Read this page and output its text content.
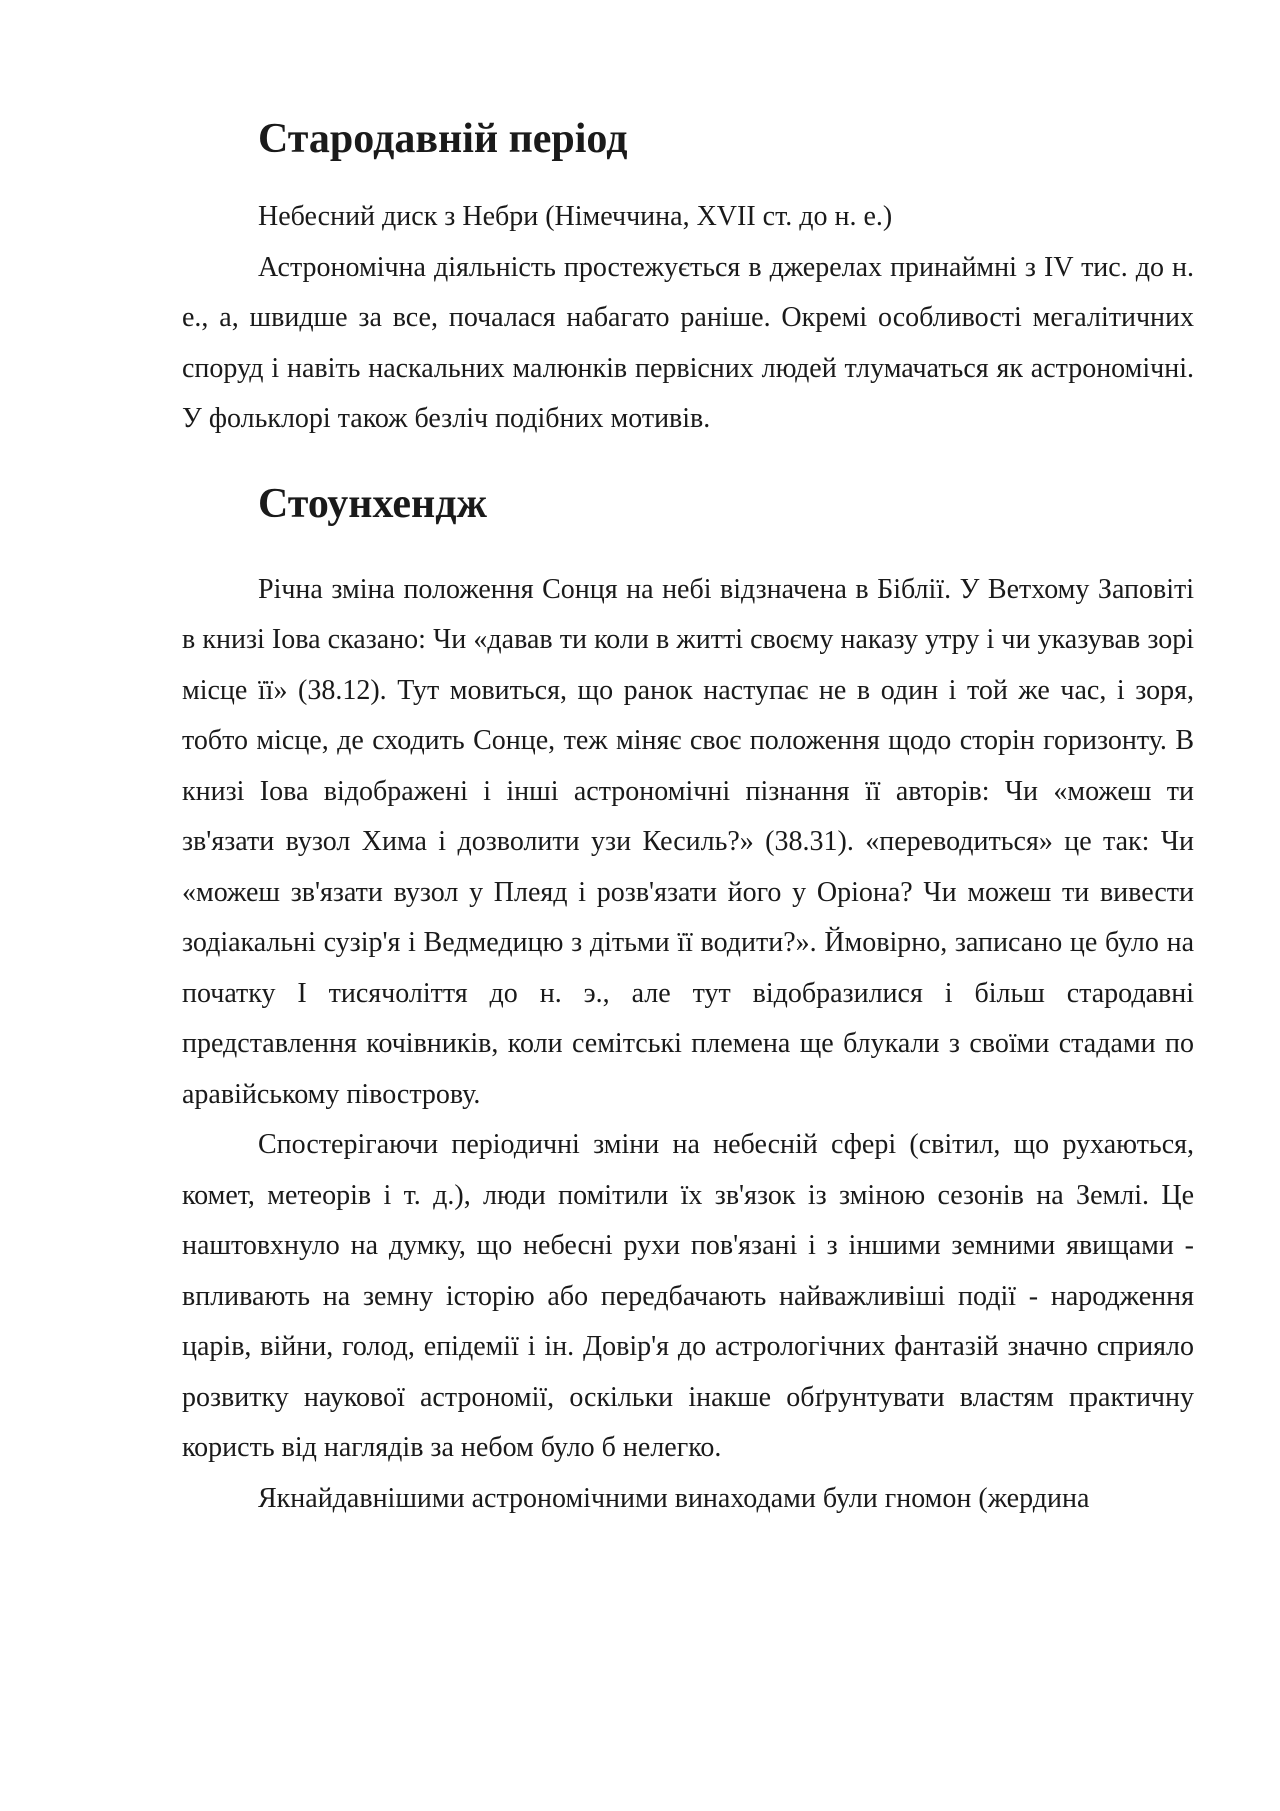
Стародавній період

Небесний диск з Небри (Німеччина, XVII ст. до н. е.)

Астрономічна діяльність простежується в джерелах принаймні з IV тис. до н. е., а, швидше за все, почалася набагато раніше. Окремі особливості мегалітичних споруд і навіть наскальних малюнків первісних людей тлумачаться як астрономічні. У фольклорі також безліч подібних мотивів.

Стоунхендж

Річна зміна положення Сонця на небі відзначена в Біблії. У Ветхому Заповіті в книзі Іова сказано: Чи «давав ти коли в житті своєму наказу утру і чи указував зорі місце її» (38.12). Тут мовиться, що ранок наступає не в один і той же час, і зоря, тобто місце, де сходить Сонце, теж міняє своє положення щодо сторін горизонту. В книзі Іова відображені і інші астрономічні пізнання її авторів: Чи «можеш ти зв'язати вузол Хима і дозволити узи Кесиль?» (38.31). «переводиться» це так: Чи «можеш зв'язати вузол у Плеяд і розв'язати його у Оріона? Чи можеш ти вивести зодіакальні сузір'я і Ведмедицю з дітьми її водити?». Ймовірно, записано це було на початку I тисячоліття до н. э., але тут відобразилися і більш стародавні представлення кочівників, коли семітські племена ще блукали з своїми стадами по аравійському півострову.

Спостерігаючи періодичні зміни на небесній сфері (світил, що рухаються, комет, метеорів і т. д.), люди помітили їх зв'язок із зміною сезонів на Землі. Це наштовхнуло на думку, що небесні рухи пов'язані і з іншими земними явищами - впливають на земну історію або передбачають найважливіші події - народження царів, війни, голод, епідемії і ін. Довір'я до астрологічних фантазій значно сприяло розвитку наукової астрономії, оскільки інакше обґрунтувати властям практичну користь від наглядів за небом було б нелегко.

Якнайдавнішими астрономічними винаходами були гномон (жердина
